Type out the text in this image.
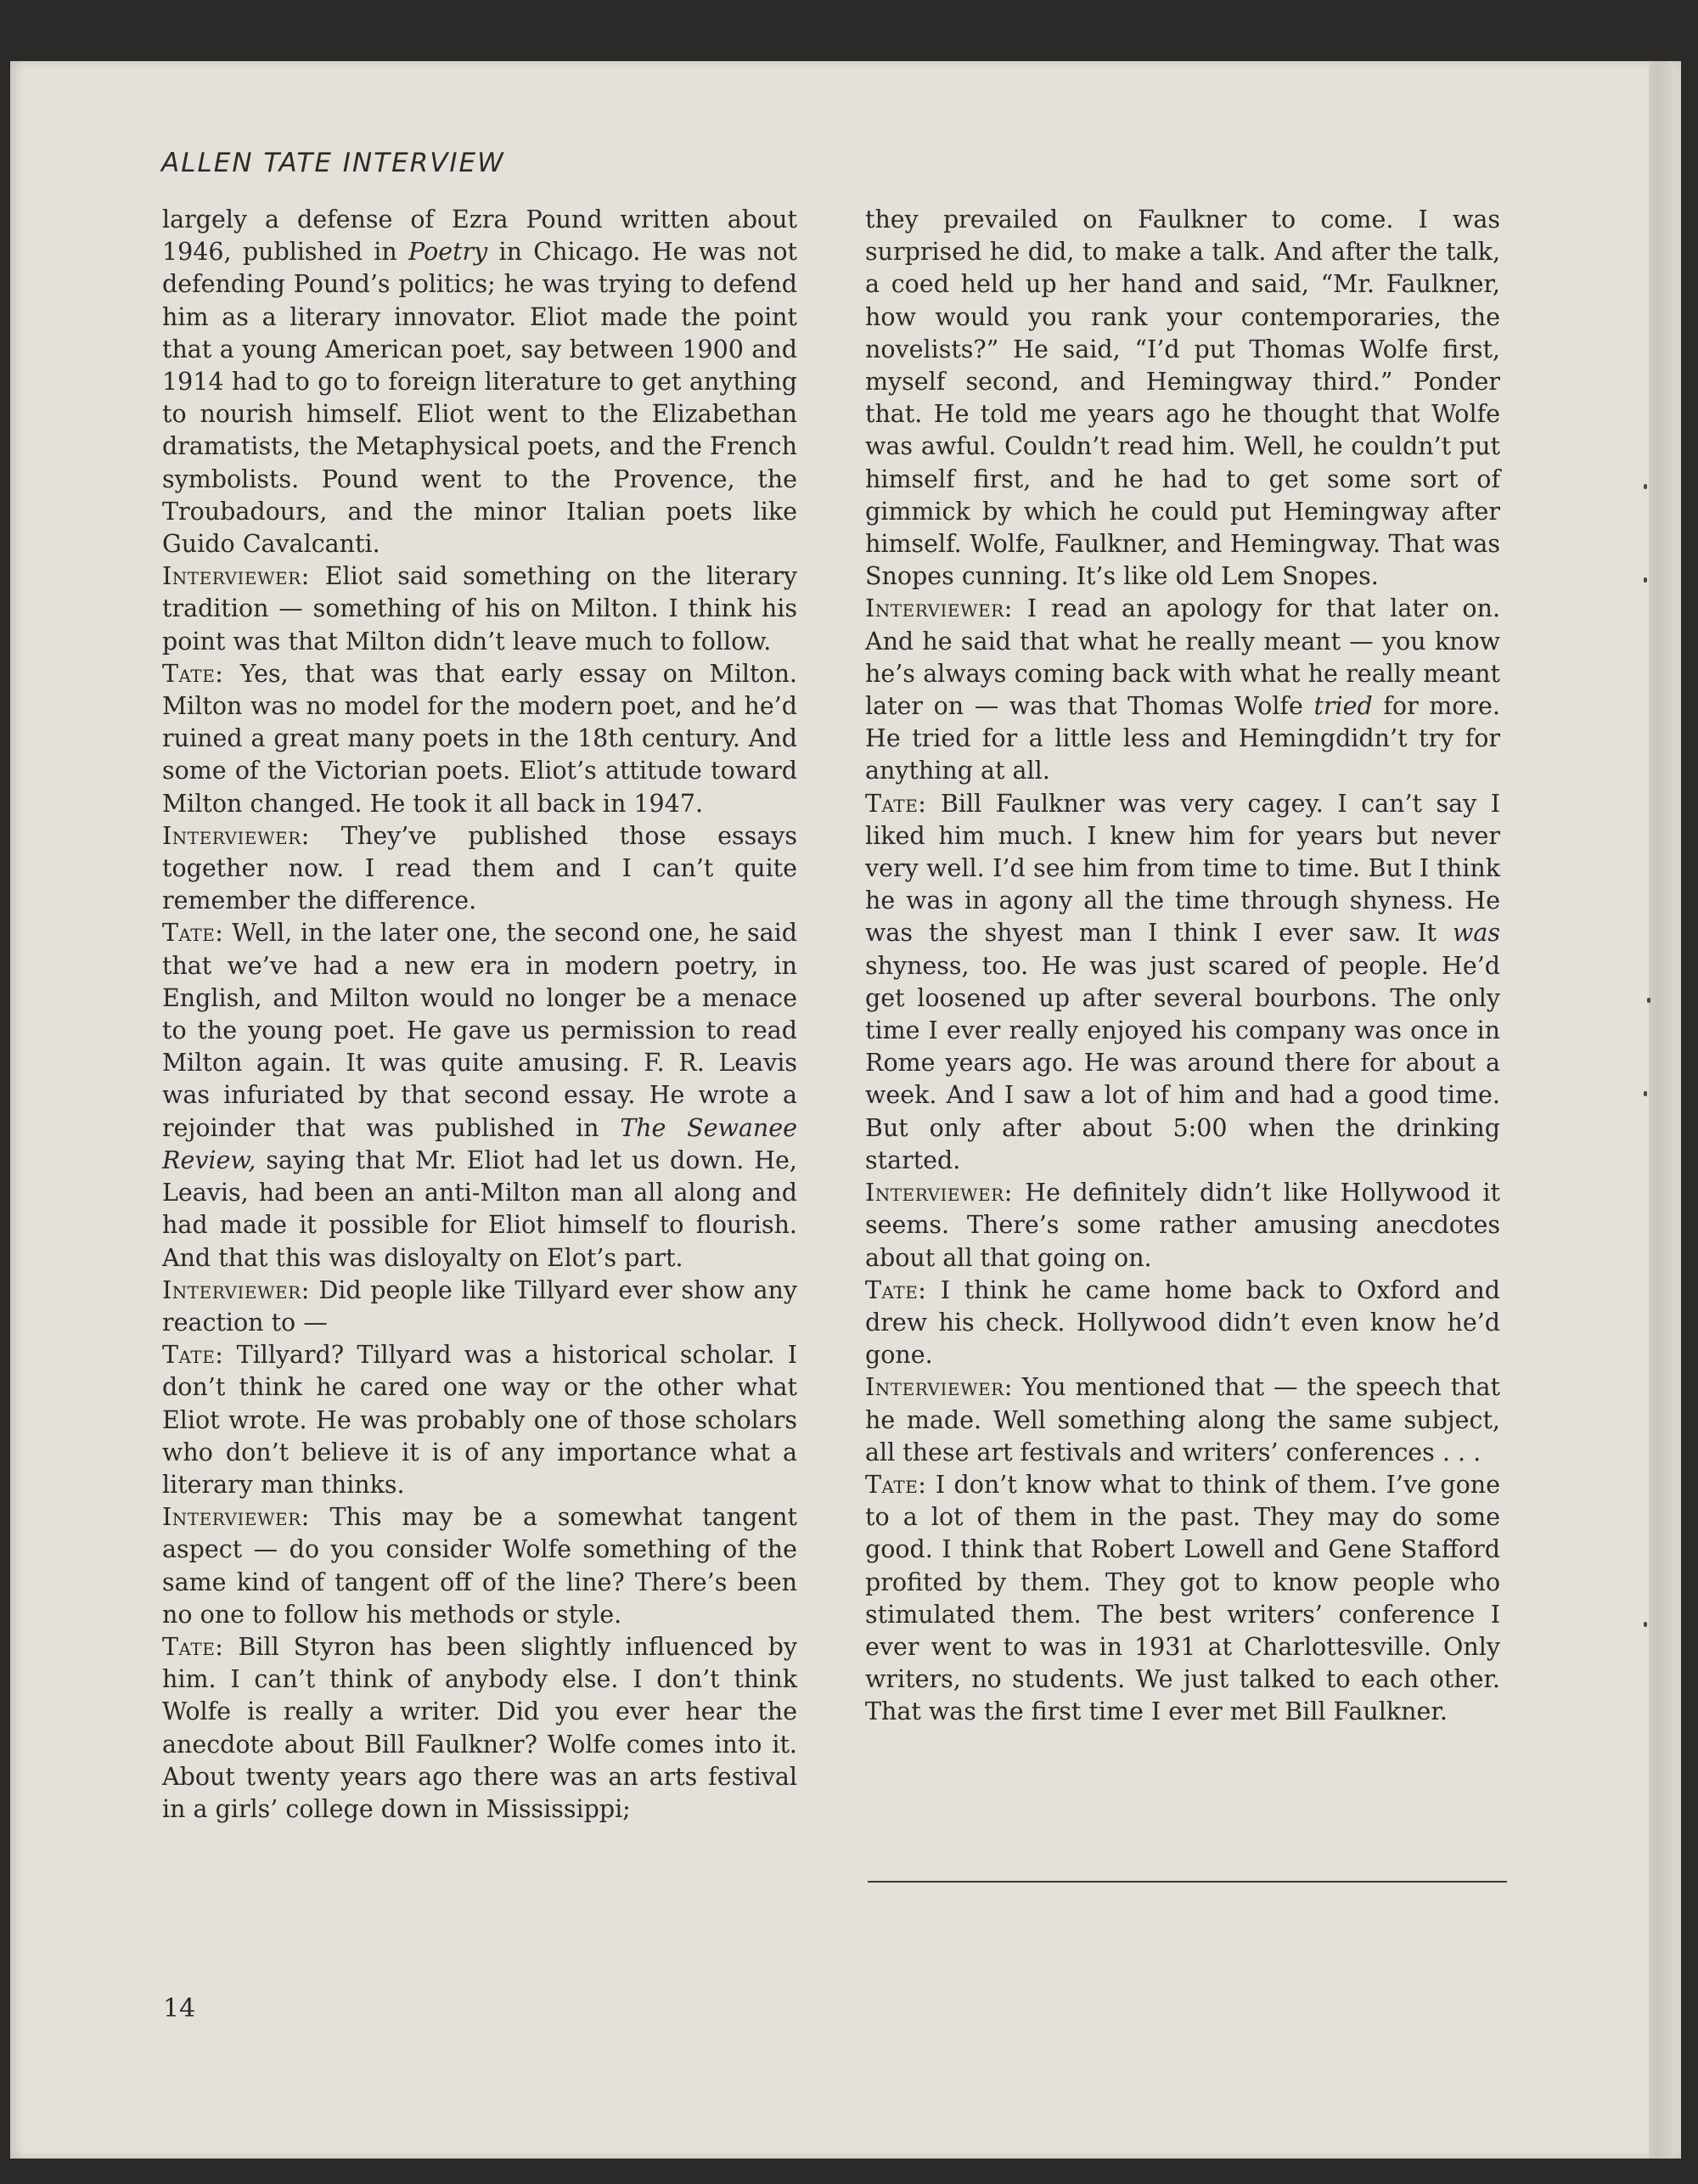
ALLEN TATE INTERVIEW

largely a defense of Ezra Pound written about 1946, published in Poetry in Chicago. He was not defending Pound’s politics; he was trying to defend him as a literary innovator. Eliot made the point that a young American poet, say between 1900 and 1914 had to go to foreign literature to get anything to nourish himself. Eliot went to the Elizabethan dramatists, the Metaphysical poets, and the French symbolists. Pound went to the Provence, the Troubadours, and the minor Italian poets like Guido Cavalcanti.

Interviewer: Eliot said something on the literary tradition — something of his on Milton. I think his point was that Milton didn’t leave much to follow.

Tate: Yes, that was that early essay on Milton. Milton was no model for the modern poet, and he’d ruined a great many poets in the 18th century. And some of the Victorian poets. Eliot’s attitude toward Milton changed. He took it all back in 1947.

Interviewer: They’ve published those essays together now. I read them and I can’t quite remember the difference.

Tate: Well, in the later one, the second one, he said that we’ve had a new era in modern poetry, in English, and Milton would no longer be a menace to the young poet. He gave us permission to read Milton again. It was quite amusing. F. R. Leavis was infuriated by that second essay. He wrote a rejoinder that was published in The Sewanee Review, saying that Mr. Eliot had let us down. He, Leavis, had been an anti-Milton man all along and had made it possible for Eliot himself to flourish. And that this was disloyalty on Elot’s part.

Interviewer: Did people like Tillyard ever show any reaction to —

Tate: Tillyard? Tillyard was a historical scholar. I don’t think he cared one way or the other what Eliot wrote. He was probably one of those scholars who don’t believe it is of any importance what a literary man thinks.

Interviewer: This may be a somewhat tangent aspect — do you consider Wolfe something of the same kind of tangent off of the line? There’s been no one to follow his methods or style.

Tate: Bill Styron has been slightly influenced by him. I can’t think of anybody else. I don’t think Wolfe is really a writer. Did you ever hear the anecdote about Bill Faulkner? Wolfe comes into it. About twenty years ago there was an arts festival in a girls’ college down in Mississippi;

they prevailed on Faulkner to come. I was surprised he did, to make a talk. And after the talk, a coed held up her hand and said, “Mr. Faulkner, how would you rank your contemporaries, the novelists?” He said, “I’d put Thomas Wolfe first, myself second, and Hemingway third.” Ponder that. He told me years ago he thought that Wolfe was awful. Couldn’t read him. Well, he couldn’t put himself first, and he had to get some sort of gimmick by which he could put Hemingway after himself. Wolfe, Faulkner, and Hemingway. That was Snopes cunning. It’s like old Lem Snopes.

Interviewer: I read an apology for that later on. And he said that what he really meant — you know he’s always coming back with what he really meant later on — was that Thomas Wolfe tried for more. He tried for a little less and Hemingdidn’t try for anything at all.

Tate: Bill Faulkner was very cagey. I can’t say I liked him much. I knew him for years but never very well. I’d see him from time to time. But I think he was in agony all the time through shyness. He was the shyest man I think I ever saw. It was shyness, too. He was just scared of people. He’d get loosened up after several bourbons. The only time I ever really enjoyed his company was once in Rome years ago. He was around there for about a week. And I saw a lot of him and had a good time. But only after about 5:00 when the drinking started.

Interviewer: He definitely didn’t like Hollywood it seems. There’s some rather amusing anecdotes about all that going on.

Tate: I think he came home back to Oxford and drew his check. Hollywood didn’t even know he’d gone.

Interviewer: You mentioned that — the speech that he made. Well something along the same subject, all these art festivals and writers’ conferences . . .

Tate: I don’t know what to think of them. I’ve gone to a lot of them in the past. They may do some good. I think that Robert Lowell and Gene Stafford profited by them. They got to know people who stimulated them. The best writers’ conference I ever went to was in 1931 at Charlottesville. Only writers, no students. We just talked to each other. That was the first time I ever met Bill Faulkner.

14
